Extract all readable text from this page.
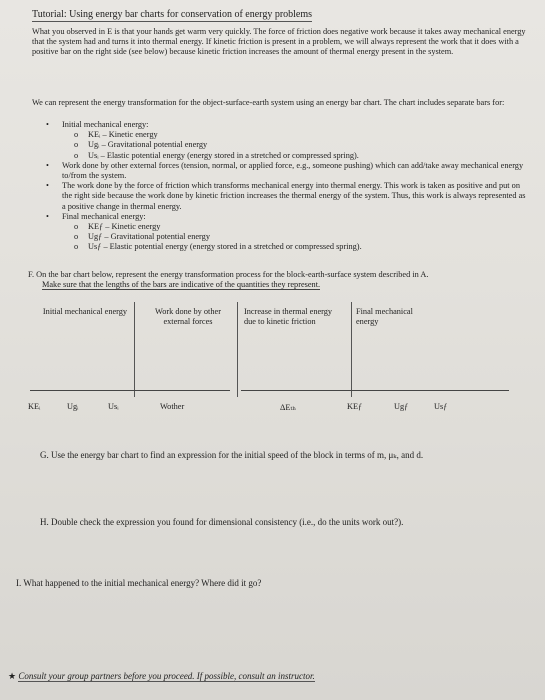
Tutorial: Using energy bar charts for conservation of energy problems

What you observed in E is that your hands get warm very quickly. The force of friction does negative work because it takes away mechanical energy that the system had and turns it into thermal energy. If kinetic friction is present in a problem, we will always represent the work that it does with a positive bar on the right side (see below) because kinetic friction increases the amount of thermal energy present in the system.

We can represent the energy transformation for the object-surface-earth system using an energy bar chart. The chart includes separate bars for:

• Initial mechanical energy:
o KEᵢ – Kinetic energy
o Ugᵢ – Gravitational potential energy
o Usᵢ – Elastic potential energy (energy stored in a stretched or compressed spring).
• Work done by other external forces (tension, normal, or applied force, e.g., someone pushing) which can add/take away mechanical energy to/from the system.
• The work done by the force of friction which transforms mechanical energy into thermal energy. This work is taken as positive and put on the right side because the work done by kinetic friction increases the thermal energy of the system. Thus, this work is always represented as a positive change in thermal energy.
• Final mechanical energy:
o KEƒ – Kinetic energy
o Ugƒ – Gravitational potential energy
o Usƒ – Elastic potential energy (energy stored in a stretched or compressed spring).
F. On the bar chart below, represent the energy transformation process for the block-earth-surface system described in A.
Make sure that the lengths of the bars are indicative of the quantities they represent.
Initial mechanical energy	Work done by other external forces
Increase in thermal energy due to kinetic friction
Final mechanical energy
KEᵢ	Ugᵢ	Usᵢ	Wother	ΔEₜₕ	KEƒ	Ugƒ	Usƒ
G. Use the energy bar chart to find an expression for the initial speed of the block in terms of m, μₖ, and d.
H. Double check the expression you found for dimensional consistency (i.e., do the units work out?).
I. What happened to the initial mechanical energy? Where did it go?
★ Consult your group partners before you proceed. If possible, consult an instructor.
